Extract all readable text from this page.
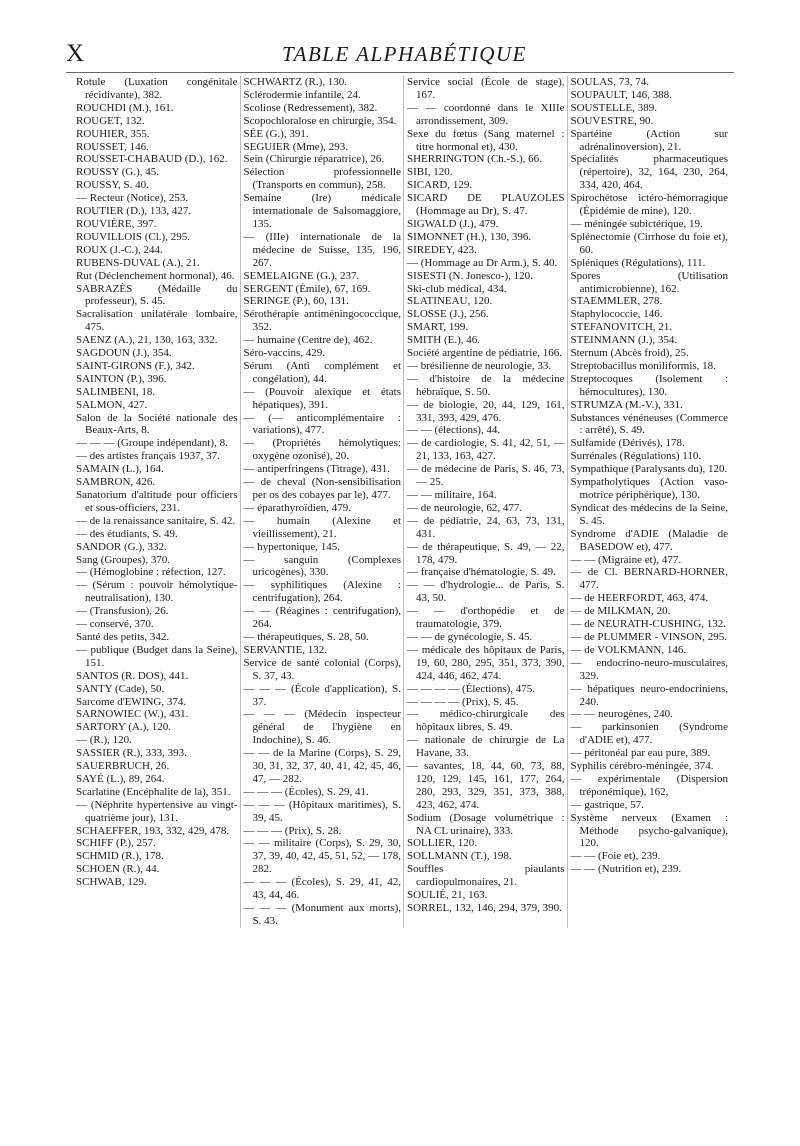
X	TABLE ALPHABÉTIQUE
Rotule (Luxation congénitale récidivante), 382.
ROUCHDI (M.), 161.
ROUGET, 132.
ROUHIER, 355.
ROUSSET, 146.
ROUSSET-CHABAUD (D.), 162.
ROUSSY (G.), 45.
ROUSSY, S. 40.
— Recteur (Notice), 253.
ROUTIER (D.), 133, 427.
ROUVIÈRE, 397.
ROUVILLOIS (Cl.), 295.
ROUX (J.-C.), 244.
RUBENS-DUVAL (A.), 21.
Rut (Déclenchement hormonal), 46.
SABRAZÈS (Médaille du professeur), S. 45.
Sacralisation unilatérale lombaire, 475.
SAENZ (A.), 21, 130, 163, 332.
SAGDOUN (J.), 354.
SAINT-GIRONS (F.), 342.
SAINTON (P.), 396.
SALIMBENI, 18.
SALMON, 427.
Salon de la Société nationale des Beaux-Arts, 8.
— — — (Groupe indépendant), 8.
— des artistes français 1937, 37.
SAMAIN (L.), 164.
SAMBRON, 426.
Sanatorium d'altitude pour officiers et sous-officiers, 231.
— de la renaissance sanitaire, S. 42.
— des étudiants, S. 49.
SANDOR (G.), 332.
Sang (Groupes), 370.
— (Hémoglobine : réfection, 127.
— (Sérum : pouvoir hémolytique-neutralisation), 130.
— (Transfusion), 26.
— conservé, 370.
Santé des petits, 342.
— publique (Budget dans la Seine), 151.
SANTOS (R. DOS), 441.
SANTY (Cade), 50.
Sarcome d'EWING, 374.
SARNOWIEC (W.), 431.
SARTORY (A.), 120.
— (R.), 120.
SASSIER (R.), 333, 393.
SAUERBRUCH, 26.
SAYÉ (L.), 89, 264.
Scarlatine (Encéphalite de la), 351.
— (Néphrite hypertensive au vingt-quatrième jour), 131.
SCHAEFFER, 193, 332, 429, 478.
SCHIFF (P.), 257.
SCHMID (R.), 178.
SCHOEN (R.), 44.
SCHWAB, 129.
SCHWARTZ (R.), 130.
Sclérodermie infantile, 24.
Scoliose (Redressement), 382.
Scopochloralose en chirurgie, 354.
SÉE (G.), 391.
SEGUIER (Mme), 293.
Sein (Chirurgie réparatrice), 26.
Sélection professionnelle (Transports en commun), 258.
Semaine (Ire) médicale internationale de Salsomaggiore, 135.
— (IIIe) internationale de la médecine de Suisse, 135, 196, 267.
SEMELAIGNE (G.), 237.
SERGENT (Émile), 67, 169.
SERINGE (P.), 60, 131.
Sérothérapie antiméningococcique, 352.
— humaine (Centre de), 462.
Séro-vaccins, 429.
Sérum (Anti complément et congélation), 44.
— (Pouvoir alexique et états hépatiques), 391.
— (— anticomplémentaire : variations), 477.
— (Propriétés hémolytiques: oxygène ozonisé), 20.
— antiperfringens (Titrage), 431.
— de cheval (Non-sensibilisation per os des cobayes par le), 477.
— éparathyroïdien, 479.
— humain (Alexine et vieillissement), 21.
— hypertonique, 145.
— sanguin (Complexes uricogènes), 330.
— syphilitiques (Alexine : centrifugation), 264.
— — (Réagines : centrifugation), 264.
— thérapeutiques, S. 28, 50.
SERVANTIE, 132.
Service de santé colonial (Corps), S. 37, 43.
— — — (École d'application), S. 37.
— — — (Médecin inspecteur général de l'hygiène en Indochine), S. 46.
— — de la Marine (Corps), S. 29, 30, 31, 32, 37, 40, 41, 42, 45, 46, 47, — 282.
— — — (Écoles), S. 29, 41.
— — — (Hôpitaux maritimes), S. 39, 45.
— — — (Prix), S. 28.
— — militaire (Corps), S. 29, 30, 37, 39, 40, 42, 45, 51, 52, — 178, 282.
— — — (Écoles), S. 29, 41, 42, 43, 44, 46.
— — — (Monument aux morts), S. 43.
Service social (École de stage), 167.
— — coordonné dans le XIIIe arrondissement, 309.
Sexe du fœtus (Sang maternel : titre hormonal et), 430.
SHERRINGTON (Ch.-S.), 66.
SIBI, 120.
SICARD, 129.
SICARD DE PLAUZOLES (Hommage au Dr), S. 47.
SIGWALD (J.), 479.
SIMONNET (H.), 130, 396.
SIREDEY, 423.
— (Hommage au Dr Arm.), S. 40.
SISESTI (N. Jonesco-), 120.
Ski-club médical, 434.
SLATINEAU, 120.
SLOSSE (J.), 256.
SMART, 199.
SMITH (E.), 46.
Société argentine de pédiatrie, 166.
— brésilienne de neurologie, 33.
— d'histoire de la médecine hébraïque, S. 50.
— de biologie, 20, 44, 129, 161, 331, 393, 429, 476.
— — (élections), 44.
— de cardiologie, S. 41, 42, 51, — 21, 133, 163, 427.
— de médecine de Paris, S. 46, 73, — 25.
— — militaire, 164.
— de neurologie, 62, 477.
— de pédiatrie, 24, 63, 73, 131, 431.
— de thérapeutique, S. 49, — 22, 178, 479.
— française d'hématologie, S. 49.
— — d'hydrologie... de Paris, S. 43, 50.
— — d'orthopédie et de traumatologie, 379.
— — de gynécologie, S. 45.
— médicale des hôpitaux de Paris, 19, 60, 280, 295, 351, 373, 390, 424, 446, 462, 474.
— — — — (Élections), 475.
— — — — (Prix), S. 45.
— médico-chirurgicale des hôpitaux libres, S. 49.
— nationale de chirurgie de La Havane, 33.
— savantes, 18, 44, 60, 73, 88, 120, 129, 145, 161, 177, 264, 280, 293, 329, 351, 373, 388, 423, 462, 474.
Sodium (Dosage volumétrique : NA CL urinaire), 333.
SOLLIER, 120.
SOLLMANN (T.), 198.
Souffles piaulants cardiopulmonaires, 21.
SOULIÉ, 21, 163.
SORREL, 132, 146, 294, 379, 390.
SOULAS, 73, 74.
SOUPAULT, 146, 388.
SOUSTELLE, 389.
SOUVESTRE, 90.
Spartéine (Action sur adrénalinoversion), 21.
Spécialités pharmaceutiques (répertoire), 32, 164, 230, 264, 334, 420, 464.
Spirochétose ictéro-hémorragique (Épidémie de mine), 120.
— méningée subictérique, 19.
Splénectomie (Cirrhose du foie et), 60.
Spléniques (Régulations), 111.
Spores (Utilisation antimicrobienne), 162.
STAEMMLER, 278.
Staphylococcie, 146.
STEFANOVITCH, 21.
STEINMANN (J.), 354.
Sternum (Abcès froid), 25.
Streptobacillus moniliformis, 18.
Streptocoques (Isolement : hémocultures), 130.
STRUMZA (M.-V.), 331.
Substances vénéneuses (Commerce : arrêté), S. 49.
Sulfamide (Dérivés), 178.
Surrénales (Régulations) 110.
Sympathique (Paralysants du), 120.
Sympatholytiques (Action vaso-motrice périphérique), 130.
Syndicat des médecins de la Seine, S. 45.
Syndrome d'ADIE (Maladie de BASEDOW et), 477.
— — (Migraine et), 477.
— de Cl. BERNARD-HORNER, 477.
— de HEERFORDT, 463, 474.
— de MILKMAN, 20.
— de NEURATH-CUSHING, 132.
— de PLUMMER - VINSON, 295.
— de VOLKMANN, 146.
— endocrino-neuro-musculaires, 329.
— hépatiques neuro-endocriniens, 240.
— — neurogènes, 240.
— parkinsonien (Syndrome d'ADIE et), 477.
— péritonéal par eau pure, 389.
Syphilis cérébro-méningée, 374.
— expérimentale (Dispersion tréponémique), 162,
— gastrique, 57.
Système nerveux (Examen : Méthode psycho-galvanique), 120.
— — (Foie et), 239.
— — (Nutrition et), 239.
